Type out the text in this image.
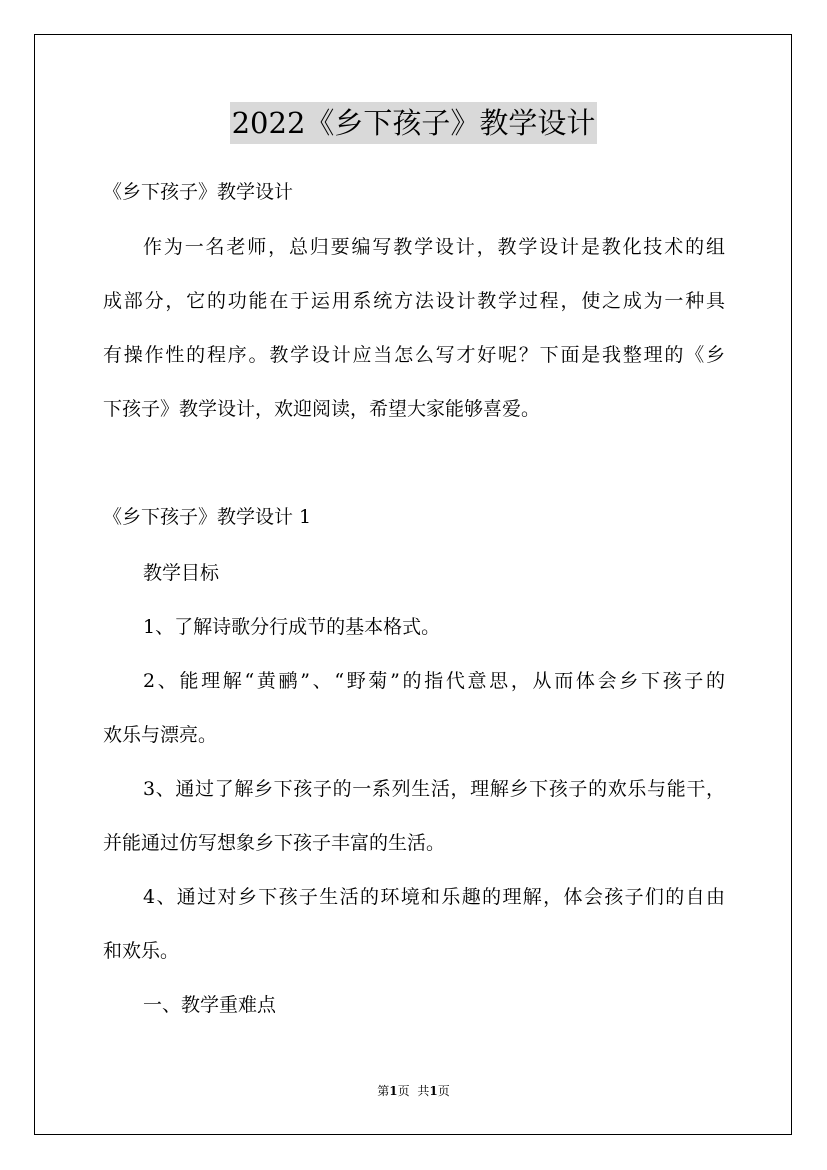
2022《乡下孩子》教学设计
《乡下孩子》教学设计
作为一名老师，总归要编写教学设计，教学设计是教化技术的组
成部分，它的功能在于运用系统方法设计教学过程，使之成为一种具
有操作性的程序。教学设计应当怎么写才好呢？下面是我整理的《乡
下孩子》教学设计，欢迎阅读，希望大家能够喜爱。
《乡下孩子》教学设计 1
教学目标
1、了解诗歌分行成节的基本格式。
2、能理解“黄鹂”、“野菊”的指代意思，从而体会乡下孩子的
欢乐与漂亮。
3、通过了解乡下孩子的一系列生活，理解乡下孩子的欢乐与能干，
并能通过仿写想象乡下孩子丰富的生活。
4、通过对乡下孩子生活的环境和乐趣的理解，体会孩子们的自由
和欢乐。
一、教学重难点
第1页 共1页
